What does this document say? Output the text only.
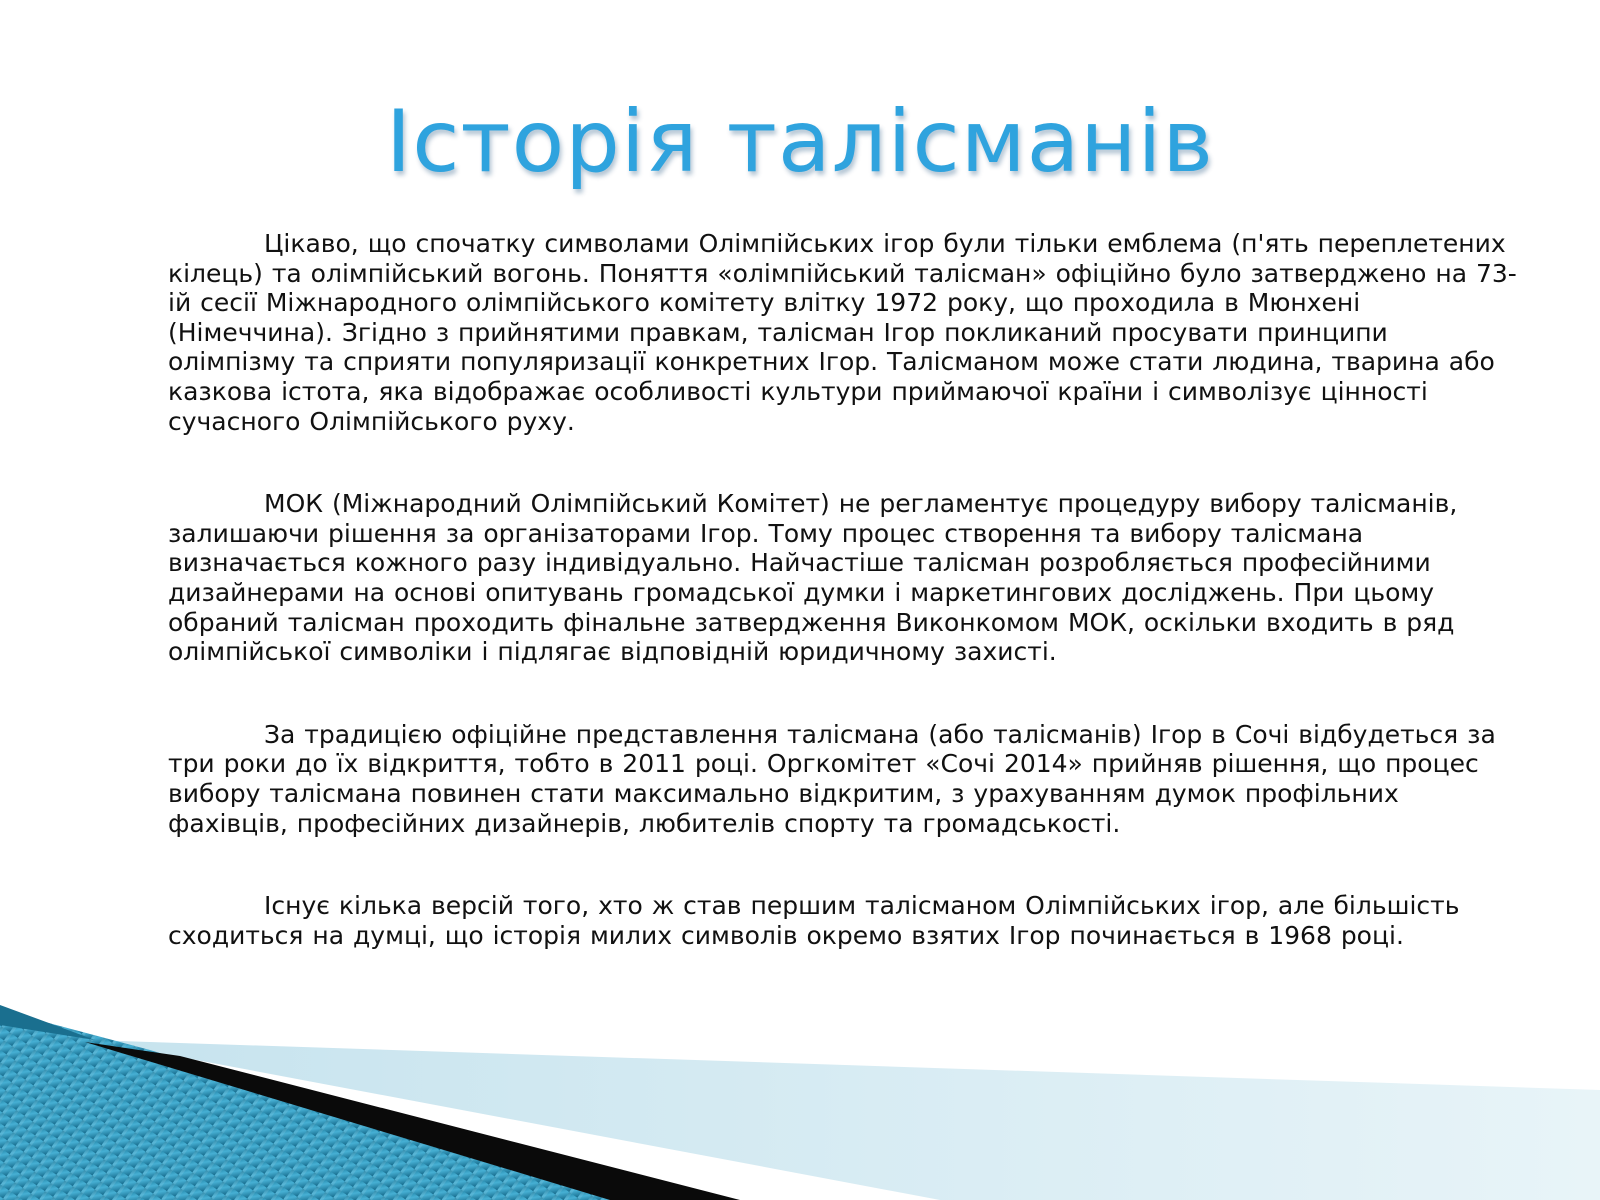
Історія талісманів

Цікаво, що спочатку символами Олімпійських ігор були тільки емблема (п'ять переплетених кілець) та олімпійський вогонь. Поняття «олімпійський талісман» офіційно було затверджено на 73-ій сесії Міжнародного олімпійського комітету влітку 1972 року, що проходила в Мюнхені (Німеччина). Згідно з прийнятими правкам, талісман Ігор покликаний просувати принципи олімпізму та сприяти популяризації конкретних Ігор. Талісманом може стати людина, тварина або казкова істота, яка відображає особливості культури приймаючої країни і символізує цінності сучасного Олімпійського руху.

МОК (Міжнародний Олімпійський Комітет) не регламентує процедуру вибору талісманів, залишаючи рішення за організаторами Ігор. Тому процес створення та вибору талісмана визначається кожного разу індивідуально. Найчастіше талісман розробляється професійними дизайнерами на основі опитувань громадської думки і маркетингових досліджень. При цьому обраний талісман проходить фінальне затвердження Виконкомом МОК, оскільки входить в ряд олімпійської символіки і підлягає відповідній юридичному захисті.

За традицією офіційне представлення талісмана (або талісманів) Ігор в Сочі відбудеться за три роки до їх відкриття, тобто в 2011 році. Оргкомітет «Сочі 2014» прийняв рішення, що процес вибору талісмана повинен стати максимально відкритим, з урахуванням думок профільних фахівців, професійних дизайнерів, любителів спорту та громадськості.

Існує кілька версій того, хто ж став першим талісманом Олімпійських ігор, але більшість сходиться на думці, що історія милих символів окремо взятих Ігор починається в 1968 році.
